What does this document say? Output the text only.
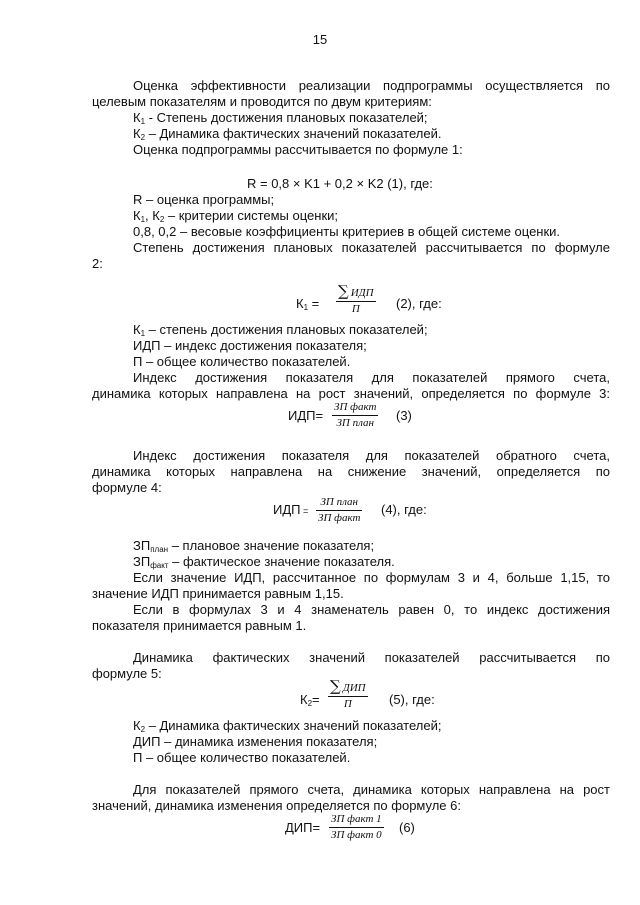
15
Оценка эффективности реализации подпрограммы осуществляется по
целевым показателям и проводится по двум критериям:
$К_1$ - Степень достижения плановых показателей;
$К_2$ – Динамика фактических значений показателей.
Оценка подпрограммы рассчитывается по формуле 1:
R = 0,8 × K1 + 0,2 × K2 (1), где:
R – оценка программы;
$К_1$, $К_2$ – критерии системы оценки;
0,8, 0,2 – весовые коэффициенты критериев в общей системе оценки.
Степень достижения плановых показателей рассчитывается по формуле
2:
$К_1$ =
∑ ИДП
П	(2), где:
$К_1$ – степень достижения плановых показателей;
ИДП – индекс достижения показателя;
П – общее количество показателей.
Индекс достижения показателя для показателей прямого счета,
динамика которых направлена на рост значений, определяется по формуле 3:
ИДП=
ЗП факт
ЗП план (3)
Индекс достижения показателя для показателей обратного счета,
динамика которых направлена на снижение значений, определяется по
формуле 4:
ИДП =
ЗП план
ЗП факт
(4), где:
$ЗП_{план}$ – плановое значение показателя;
$ЗП_{факт}$ – фактическое значение показателя.
Если значение ИДП, рассчитанное по формулам 3 и 4, больше 1,15, то
значение ИДП принимается равным 1,15.
Если в формулах 3 и 4 знаменатель равен 0, то индекс достижения
показателя принимается равным 1.
Динамика фактических значений показателей рассчитывается по
формуле 5:
$К_2=$
∑ ДИП
П	(5), где:
$К_2$ – Динамика фактических значений показателей;
ДИП – динамика изменения показателя;
П – общее количество показателей.
Для показателей прямого счета, динамика которых направлена на рост
значений, динамика изменения определяется по формуле 6:
ДИП=
ЗП факт 1
ЗП факт 0 (6)
